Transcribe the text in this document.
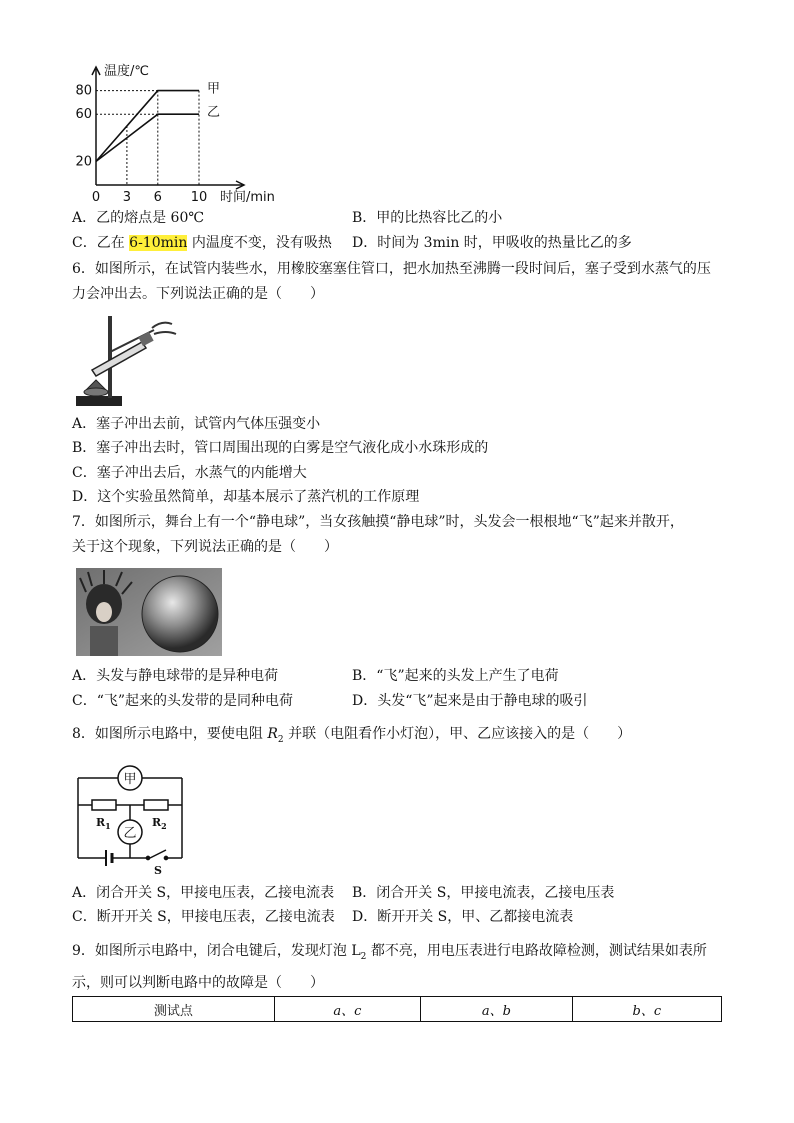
温度/℃
时间/min
甲
乙
20
60
80
0 3 6 10
A．乙的熔点是 60℃	B．甲的比热容比乙的小
C．乙在 6-10min 内温度不变，没有吸热 D．时间为 3min 时，甲吸收的热量比乙的多
6．如图所示，在试管内装些水，用橡胶塞塞住管口，把水加热至沸腾一段时间后，塞子受到水蒸气的压
力会冲出去。下列说法正确的是（　　）
A．塞子冲出去前，试管内气体压强变小
B．塞子冲出去时，管口周围出现的白雾是空气液化成小水珠形成的
C．塞子冲出去后，水蒸气的内能增大
D．这个实验虽然简单，却基本展示了蒸汽机的工作原理
7．如图所示，舞台上有一个“静电球”，当女孩触摸“静电球”时，头发会一根根地“飞”起来并散开，
关于这个现象，下列说法正确的是（　　）
A．头发与静电球带的是异种电荷	B．“飞”起来的头发上产生了电荷
C．“飞”起来的头发带的是同种电荷	D．头发“飞”起来是由于静电球的吸引
8．如图所示电路中，要使电阻 $R_2$ 并联（电阻看作小灯泡），甲、乙应该接入的是（　　）
甲
乙
$R_1$	$R_2$
S
A．闭合开关 S，甲接电压表，乙接电流表 B．闭合开关 S，甲接电流表，乙接电压表
C．断开开关 S，甲接电压表，乙接电流表 D．断开开关 S，甲、乙都接电流表
9．如图所示电路中，闭合电键后，发现灯泡 $L_2$ 都不亮，用电压表进行电路故障检测，测试结果如表所
示，则可以判断电路中的故障是（　　）
测试点	a、c	a、b	b、c
